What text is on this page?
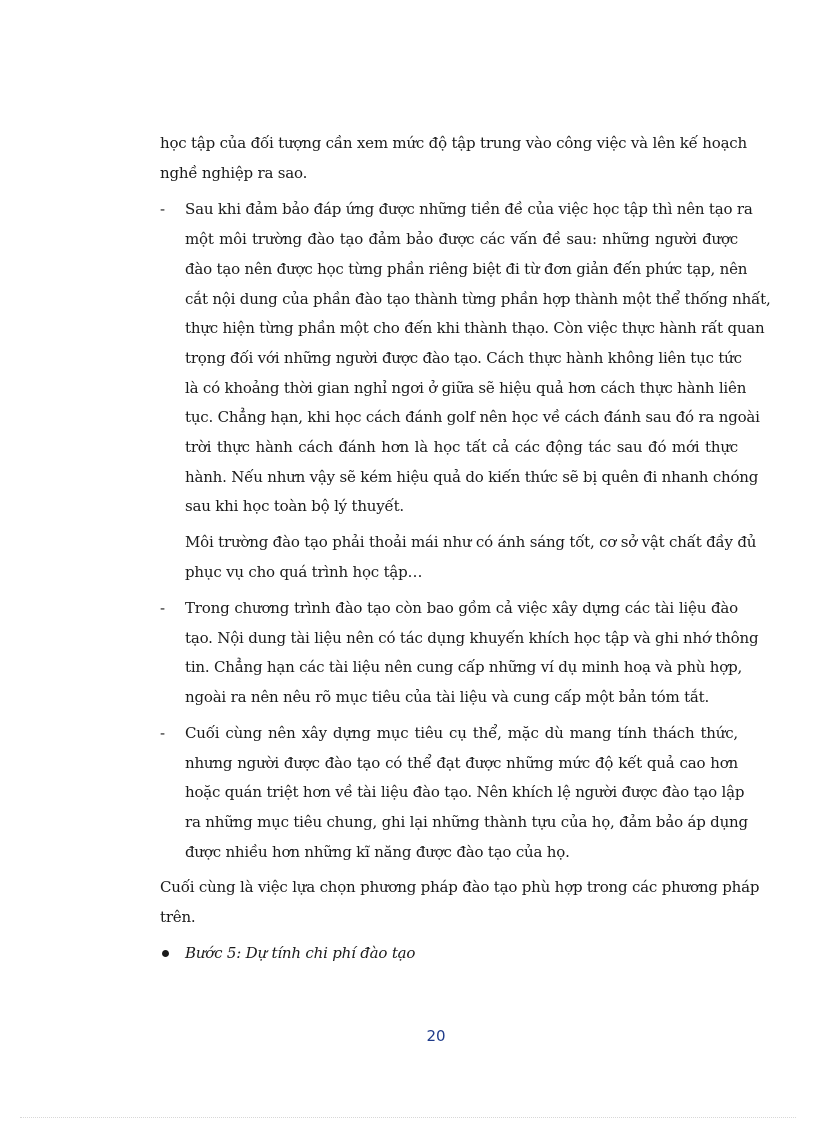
học tập của đối tượng cần xem mức độ tập trung vào công việc và lên kế hoạch

nghề nghiệp ra sao.

- Sau khi đảm bảo đáp ứng được những tiền đề của việc học tập thì nên tạo ra

một môi trường đào tạo đảm bảo được các vấn đề sau: những người được

đào tạo nên được học từng phần riêng biệt đi từ đơn giản đến phức tạp, nên

cắt nội dung của phần đào tạo thành từng phần hợp thành một thể thống nhất,

thực hiện từng phần một cho đến khi thành thạo. Còn việc thực hành rất quan

trọng đối với những người được đào tạo. Cách thực hành không liên tục tức

là có khoảng thời gian nghỉ ngơi ở giữa sẽ hiệu quả hơn cách thực hành liên

tục. Chẳng hạn, khi học cách đánh golf nên học về cách đánh sau đó ra ngoài

trời thực hành cách đánh hơn là học tất cả các động tác sau đó mới thực

hành. Nếu nhưn vậy sẽ kém hiệu quả do kiến thức sẽ bị quên đi nhanh chóng

sau khi học toàn bộ lý thuyết.

Môi trường đào tạo phải thoải mái như có ánh sáng tốt, cơ sở vật chất đầy đủ

phục vụ cho quá trình học tập…

- Trong chương trình đào tạo còn bao gồm cả việc xây dựng các tài liệu đào

tạo. Nội dung tài liệu nên có tác dụng khuyến khích học tập và ghi nhớ thông

tin. Chẳng hạn các tài liệu nên cung cấp những ví dụ minh hoạ và phù hợp,

ngoài ra nên nêu rõ mục tiêu của tài liệu và cung cấp một bản tóm tắt.

- Cuối cùng nên xây dựng mục tiêu cụ thể, mặc dù mang tính thách thức,

nhưng người được đào tạo có thể đạt được những mức độ kết quả cao hơn

hoặc quán triệt hơn về tài liệu đào tạo. Nên khích lệ người được đào tạo lập

ra những mục tiêu chung, ghi lại những thành tựu của họ, đảm bảo áp dụng

được nhiều hơn những kĩ năng được đào tạo của họ.

Cuối cùng là việc lựa chọn phương pháp đào tạo phù hợp trong các phương pháp

trên.

Bước 5: Dự tính chi phí đào tạo

20
